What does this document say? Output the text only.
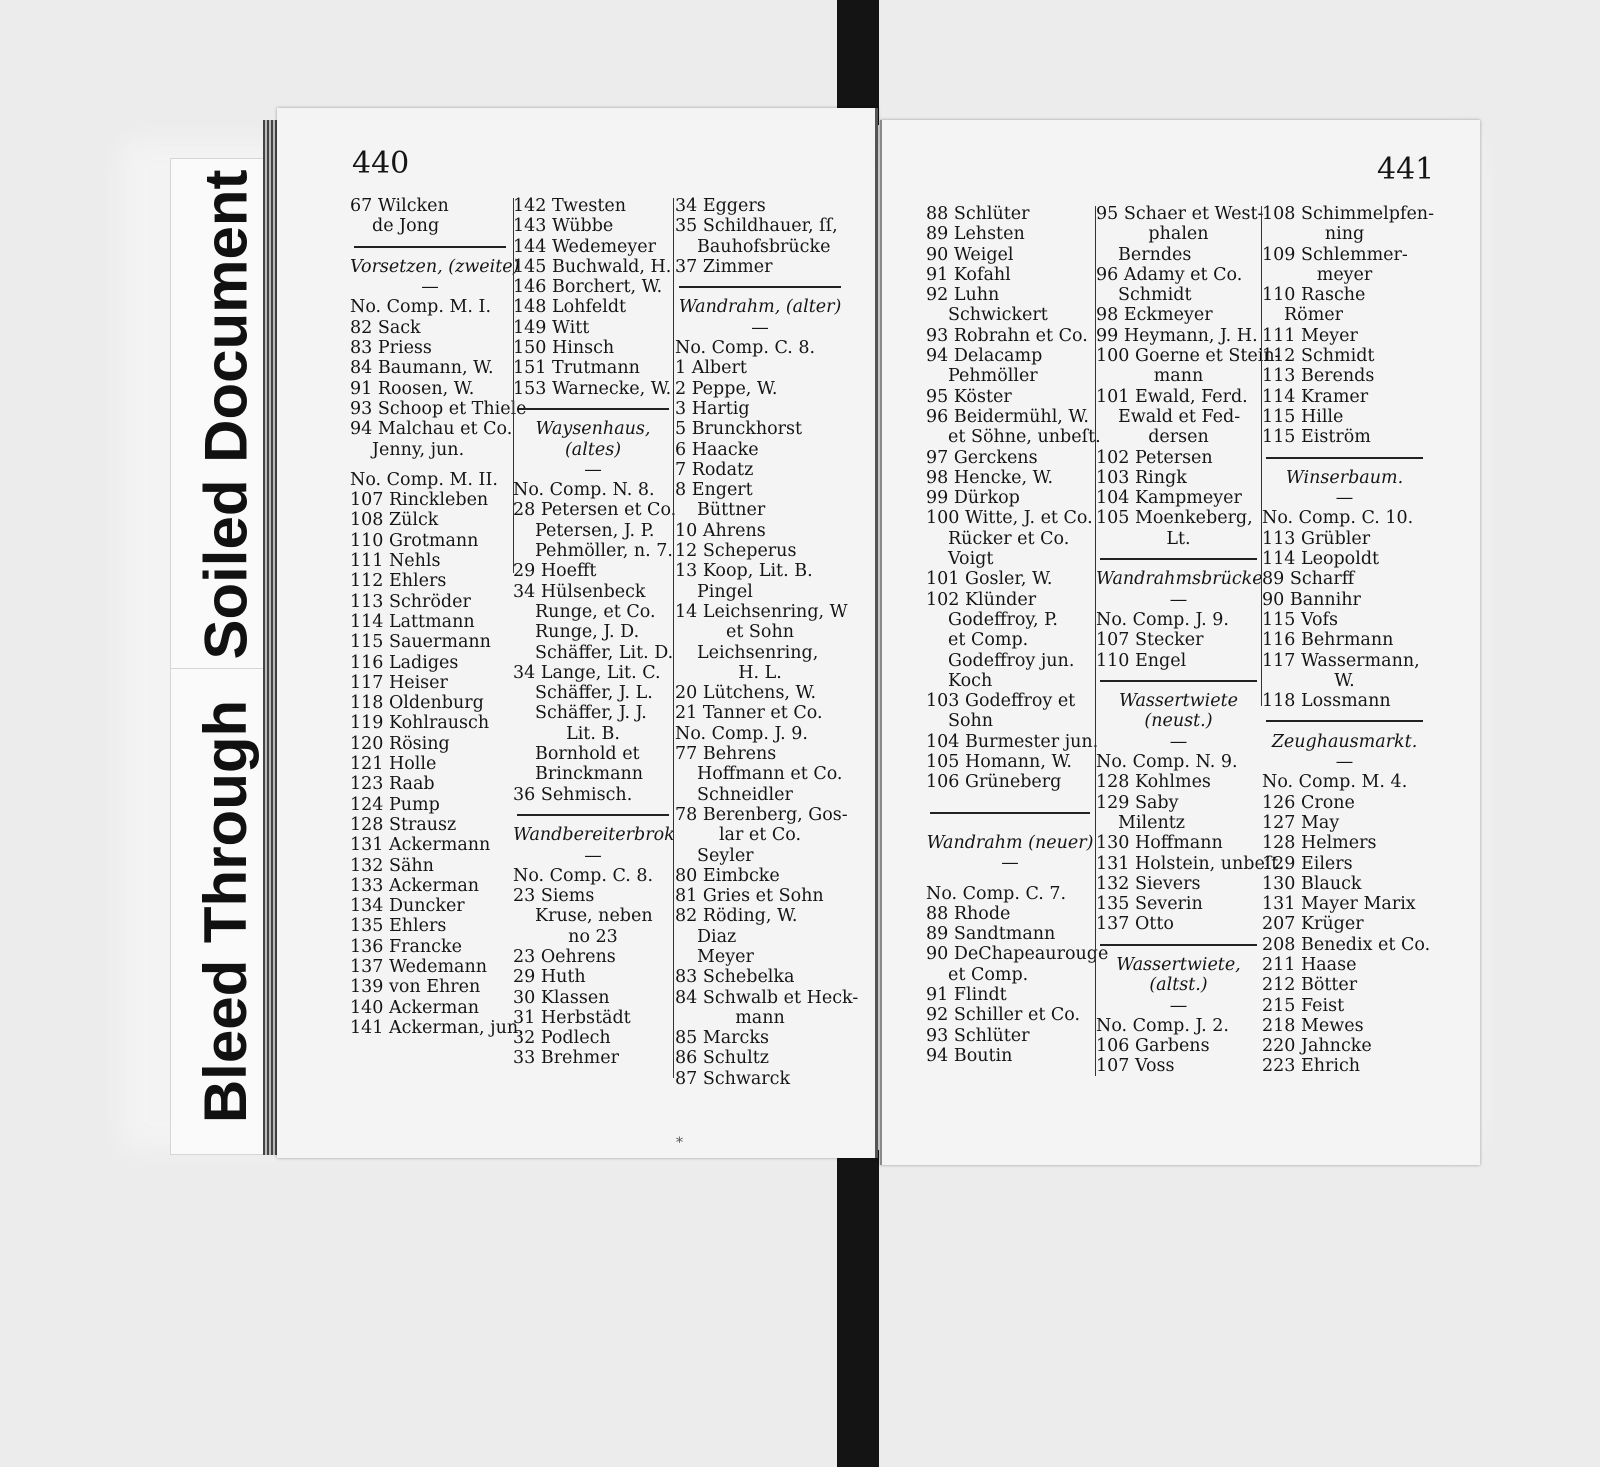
Soiled Document
Bleed Through
440
67 Wilcken
de Jong
Vorsetzen, (zweite)
—
No. Comp. M. I.
82 Sack
83 Priess
84 Baumann, W.
91 Roosen, W.
93 Schoop et Thiele
94 Malchau et Co.
Jenny, jun.
No. Comp. M. II.
107 Rinckleben
108 Zülck
110 Grotmann
111 Nehls
112 Ehlers
113 Schröder
114 Lattmann
115 Sauermann
116 Ladiges
117 Heiser
118 Oldenburg
119 Kohlrausch
120 Rösing
121 Holle
123 Raab
124 Pump
128 Strausz
131 Ackermann
132 Sähn
133 Ackerman
134 Duncker
135 Ehlers
136 Francke
137 Wedemann
139 von Ehren
140 Ackerman
141 Ackerman, jun.
142 Twesten
143 Wübbe
144 Wedemeyer
145 Buchwald, H.
146 Borchert, W.
148 Lohfeldt
149 Witt
150 Hinsch
151 Trutmann
153 Warnecke, W.
Waysenhaus,
(altes)
—
No. Comp. N. 8.
28 Petersen et Co.
Petersen, J. P.
Pehmöller, n. 7.
29 Hoefft
34 Hülsenbeck
Runge, et Co.
Runge, J. D.
Schäffer, Lit. D.
34 Lange, Lit. C.
Schäffer, J. L.
Schäffer, J. J.
Lit. B.
Bornhold et
Brinckmann
36 Sehmisch.
Wandbereiterbrok
—
No. Comp. C. 8.
23 Siems
Kruse, neben
no 23
23 Oehrens
29 Huth
30 Klassen
31 Herbstädt
32 Podlech
33 Brehmer
34 Eggers
35 Schildhauer, ſſ,
Bauhofsbrücke
37 Zimmer
Wandrahm, (alter)
—
No. Comp. C. 8.
1 Albert
2 Peppe, W.
3 Hartig
5 Brunckhorst
6 Haacke
7 Rodatz
8 Engert
Büttner
10 Ahrens
12 Scheperus
13 Koop, Lit. B.
Pingel
14 Leichsenring, W
et Sohn
Leichsenring,
H. L.
20 Lütchens, W.
21 Tanner et Co.
No. Comp. J. 9.
77 Behrens
Hoffmann et Co.
Schneidler
78 Berenberg, Gos-
lar et Co.
Seyler
80 Eimbcke
81 Gries et Sohn
82 Röding, W.
Diaz
Meyer
83 Schebelka
84 Schwalb et Heck-
mann
85 Marcks
86 Schultz
87 Schwarck
*
441
88 Schlüter
89 Lehsten
90 Weigel
91 Kofahl
92 Luhn
Schwickert
93 Robrahn et Co.
94 Delacamp
Pehmöller
95 Köster
96 Beidermühl, W.
et Söhne, unbeſt.
97 Gerckens
98 Hencke, W.
99 Dürkop
100 Witte, J. et Co.
Rücker et Co.
Voigt
101 Gosler, W.
102 Klünder
Godeffroy, P.
et Comp.
Godeffroy jun.
Koch
103 Godeffroy et
Sohn
104 Burmester jun.
105 Homann, W.
106 Grüneberg
Wandrahm (neuer)
—
No. Comp. C. 7.
88 Rhode
89 Sandtmann
90 DeChapeaurouge
et Comp.
91 Flindt
92 Schiller et Co.
93 Schlüter
94 Boutin
95 Schaer et West-
phalen
Berndes
96 Adamy et Co.
Schmidt
98 Eckmeyer
99 Heymann, J. H.
100 Goerne et Stein-
mann
101 Ewald, Ferd.
Ewald et Fed-
dersen
102 Petersen
103 Ringk
104 Kampmeyer
105 Moenkeberg,
Lt.
Wandrahmsbrücke
—
No. Comp. J. 9.
107 Stecker
110 Engel
Wassertwiete
(neust.)
—
No. Comp. N. 9.
128 Kohlmes
129 Saby
Milentz
130 Hoffmann
131 Holstein, unbeſt.
132 Sievers
135 Severin
137 Otto
Wassertwiete,
(altst.)
—
No. Comp. J. 2.
106 Garbens
107 Voss
108 Schimmelpfen-
ning
109 Schlemmer-
meyer
110 Rasche
Römer
111 Meyer
112 Schmidt
113 Berends
114 Kramer
115 Hille
115 Eiström
Winserbaum.
—
No. Comp. C. 10.
113 Grübler
114 Leopoldt
89 Scharff
90 Bannihr
115 Vofs
116 Behrmann
117 Wassermann,
W.
118 Lossmann
Zeughausmarkt.
—
No. Comp. M. 4.
126 Crone
127 May
128 Helmers
129 Eilers
130 Blauck
131 Mayer Marix
207 Krüger
208 Benedix et Co.
211 Haase
212 Bötter
215 Feist
218 Mewes
220 Jahncke
223 Ehrich
